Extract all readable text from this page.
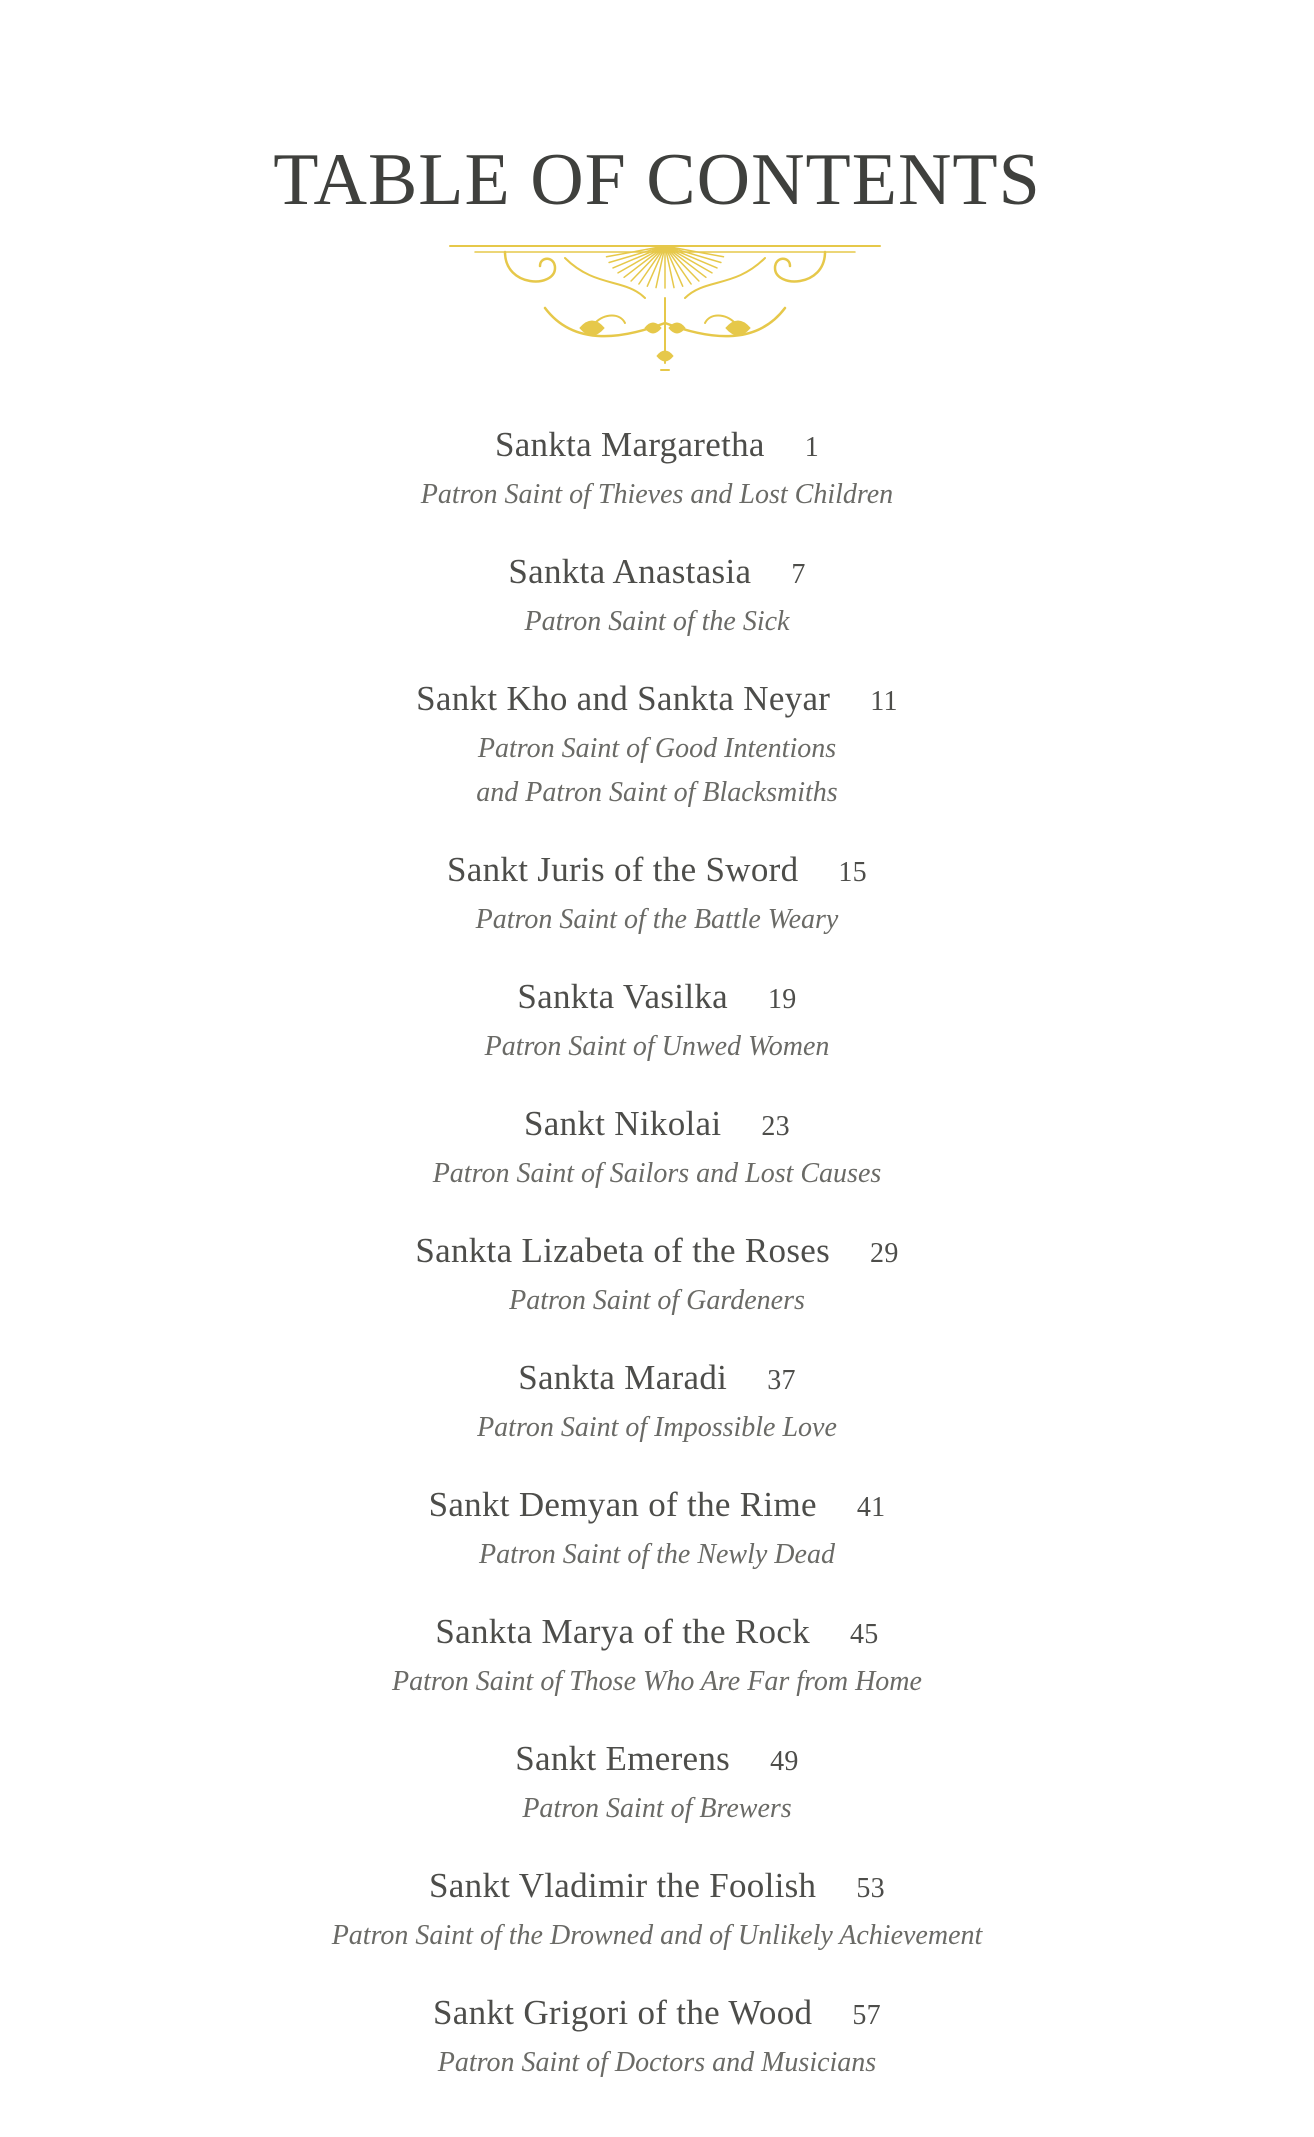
TABLE OF CONTENTS
Sankta Margaretha 1
Patron Saint of Thieves and Lost Children
Sankta Anastasia 7
Patron Saint of the Sick
Sankt Kho and Sankta Neyar 11
Patron Saint of Good Intentions
and Patron Saint of Blacksmiths
Sankt Juris of the Sword 15
Patron Saint of the Battle Weary
Sankta Vasilka 19
Patron Saint of Unwed Women
Sankt Nikolai 23
Patron Saint of Sailors and Lost Causes
Sankta Lizabeta of the Roses 29
Patron Saint of Gardeners
Sankta Maradi 37
Patron Saint of Impossible Love
Sankt Demyan of the Rime 41
Patron Saint of the Newly Dead
Sankta Marya of the Rock 45
Patron Saint of Those Who Are Far from Home
Sankt Emerens 49
Patron Saint of Brewers
Sankt Vladimir the Foolish 53
Patron Saint of the Drowned and of Unlikely Achievement
Sankt Grigori of the Wood 57
Patron Saint of Doctors and Musicians
